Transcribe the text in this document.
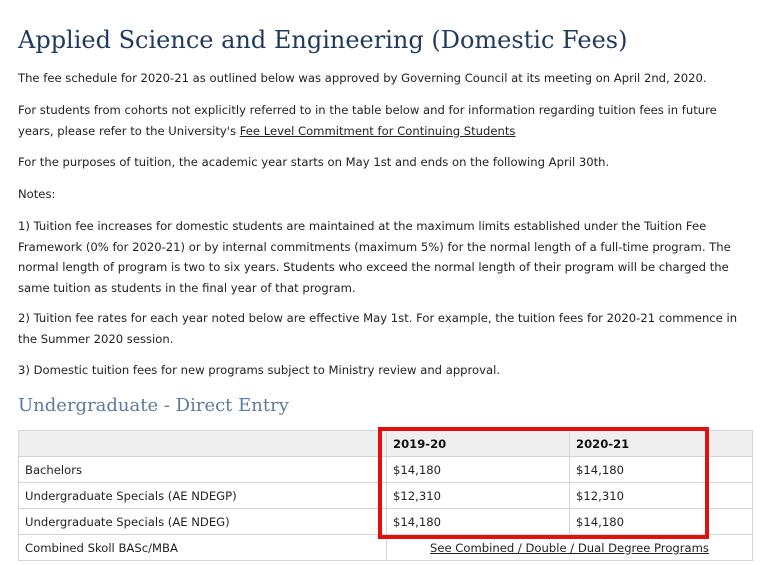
Applied Science and Engineering (Domestic Fees)
The fee schedule for 2020-21 as outlined below was approved by Governing Council at its meeting on April 2nd, 2020.
For students from cohorts not explicitly referred to in the table below and for information regarding tuition fees in future years, please refer to the University's Fee Level Commitment for Continuing Students
For the purposes of tuition, the academic year starts on May 1st and ends on the following April 30th.
Notes:
1) Tuition fee increases for domestic students are maintained at the maximum limits established under the Tuition Fee Framework (0% for 2020-21) or by internal commitments (maximum 5%) for the normal length of a full-time program. The normal length of program is two to six years. Students who exceed the normal length of their program will be charged the same tuition as students in the final year of that program.
2) Tuition fee rates for each year noted below are effective May 1st. For example, the tuition fees for 2020-21 commence in the Summer 2020 session.
3) Domestic tuition fees for new programs subject to Ministry review and approval.
Undergraduate - Direct Entry
	2019-20	2020-21
Bachelors	$14,180	$14,180
Undergraduate Specials (AE NDEGP)	$12,310	$12,310
Undergraduate Specials (AE NDEG)	$14,180	$14,180
Combined Skoll BASc/MBA	See Combined / Double / Dual Degree Programs	
